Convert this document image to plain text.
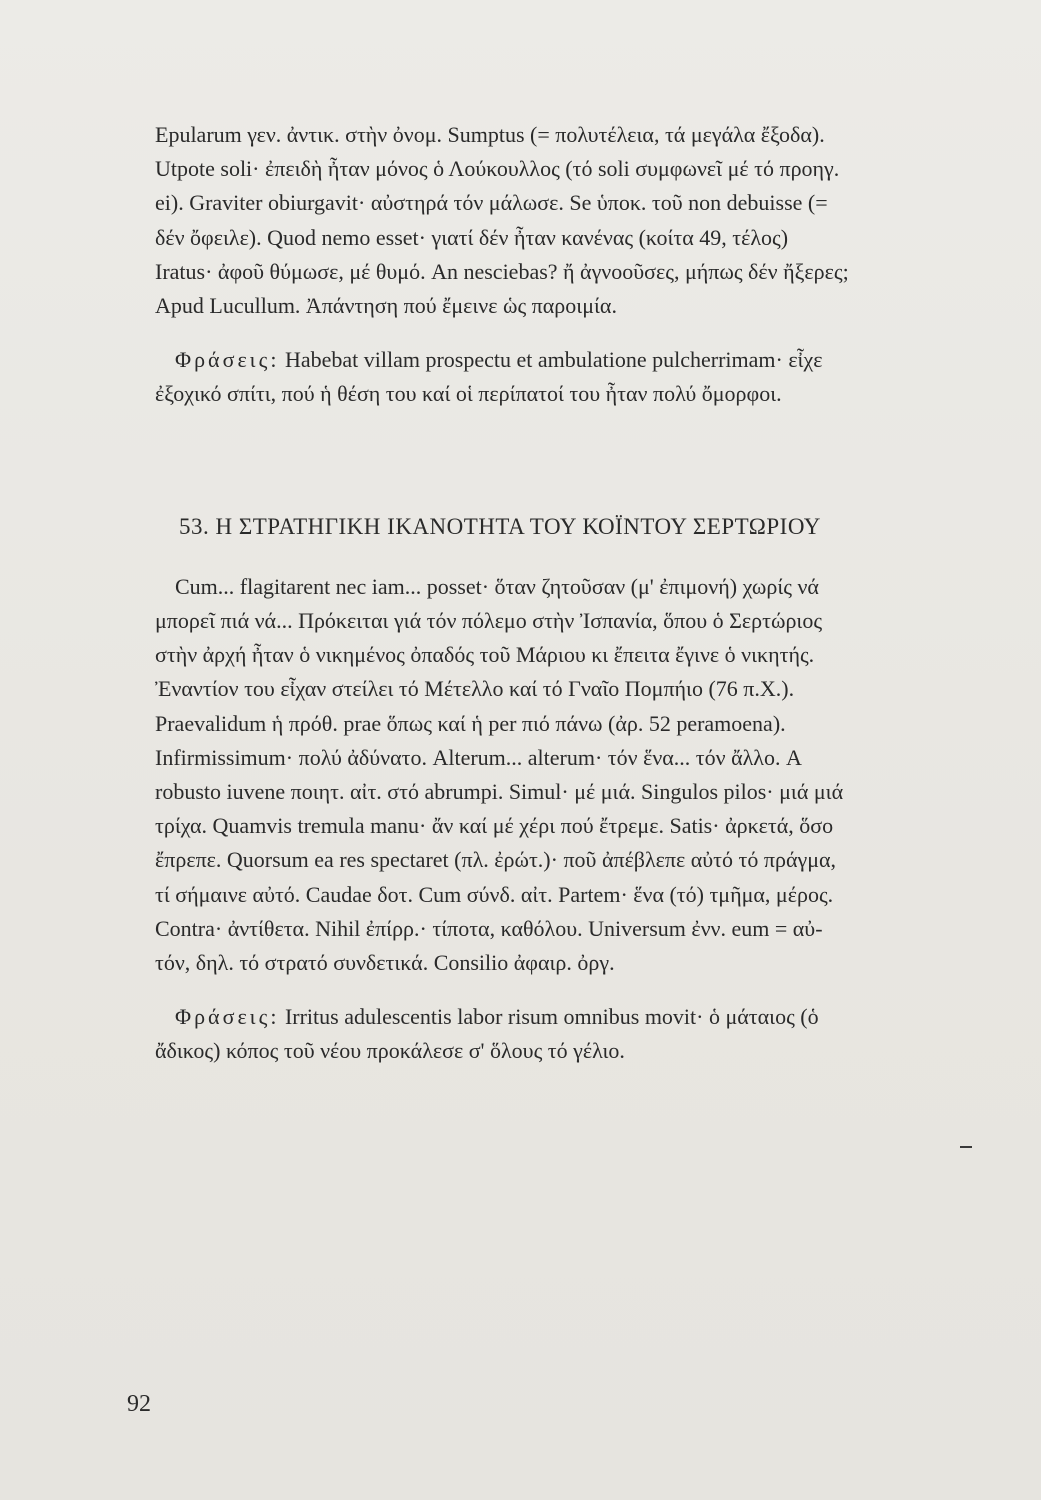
Epularum γεν. ἀντικ. στὴν ὀνομ. Sumptus (= πολυτέλεια, τά μεγάλα ἔξοδα).

Utpote soli· ἐπειδὴ ἦταν μόνος ὁ Λούκουλλος (τό soli συμφωνεῖ μέ τό προηγ.

ei). Graviter obiurgavit· αὐστηρά τόν μάλωσε. Se ὑποκ. τοῦ non debuisse (=

δέν ὄφειλε). Quod nemo esset· γιατί δέν ἦταν κανένας (κοίτα 49, τέλος)

Iratus· ἀφοῦ θύμωσε, μέ θυμό. An nesciebas? ἤ ἀγνοοῦσες, μήπως δέν ἤξερες;

Apud Lucullum. Ἀπάντηση πού ἔμεινε ὡς παροιμία.

Φράσεις: Habebat villam prospectu et ambulatione pulcherrimam· εἶχε

ἐξοχικό σπίτι, πού ἡ θέση του καί οἱ περίπατοί του ἦταν πολύ ὄμορφοι.

53. Η ΣΤΡΑΤΗΓΙΚΗ ΙΚΑΝΟΤΗΤΑ ΤΟΥ ΚΟΪΝΤΟΥ ΣΕΡΤΩΡΙΟΥ

Cum... flagitarent nec iam... posset· ὅταν ζητοῦσαν (μ' ἐπιμονή) χωρίς νά

μπορεῖ πιά νά... Πρόκειται γιά τόν πόλεμο στὴν Ἰσπανία, ὅπου ὁ Σερτώριος

στὴν ἀρχή ἦταν ὁ νικημένος ὀπαδός τοῦ Μάριου κι ἔπειτα ἔγινε ὁ νικητής.

Ἐναντίον του εἶχαν στείλει τό Μέτελλο καί τό Γναῖο Πομπήιο (76 π.Χ.).

Praevalidum ἡ πρόθ. prae ὅπως καί ἡ per πιό πάνω (ἀρ. 52 peramoena).

Infirmissimum· πολύ ἀδύνατο. Alterum... alterum· τόν ἕνα... τόν ἄλλο. A

robusto iuvene ποιητ. αἰτ. στό abrumpi. Simul· μέ μιά. Singulos pilos· μιά μιά

τρίχα. Quamvis tremula manu· ἄν καί μέ χέρι πού ἔτρεμε. Satis· ἀρκετά, ὅσο

ἔπρεπε. Quorsum ea res spectaret (πλ. ἐρώτ.)· ποῦ ἀπέβλεπε αὐτό τό πράγμα,

τί σήμαινε αὐτό. Caudae δοτ. Cum σύνδ. αἰτ. Partem· ἕνα (τό) τμῆμα, μέρος.

Contra· ἀντίθετα. Nihil ἐπίρρ.· τίποτα, καθόλου. Universum ἐνν. eum = αὐ-

τόν, δηλ. τό στρατό συνδετικά. Consilio ἀφαιρ. ὀργ.

Φράσεις: Irritus adulescentis labor risum omnibus movit· ὁ μάταιος (ὁ

ἄδικος) κόπος τοῦ νέου προκάλεσε σ' ὅλους τό γέλιο.

92
